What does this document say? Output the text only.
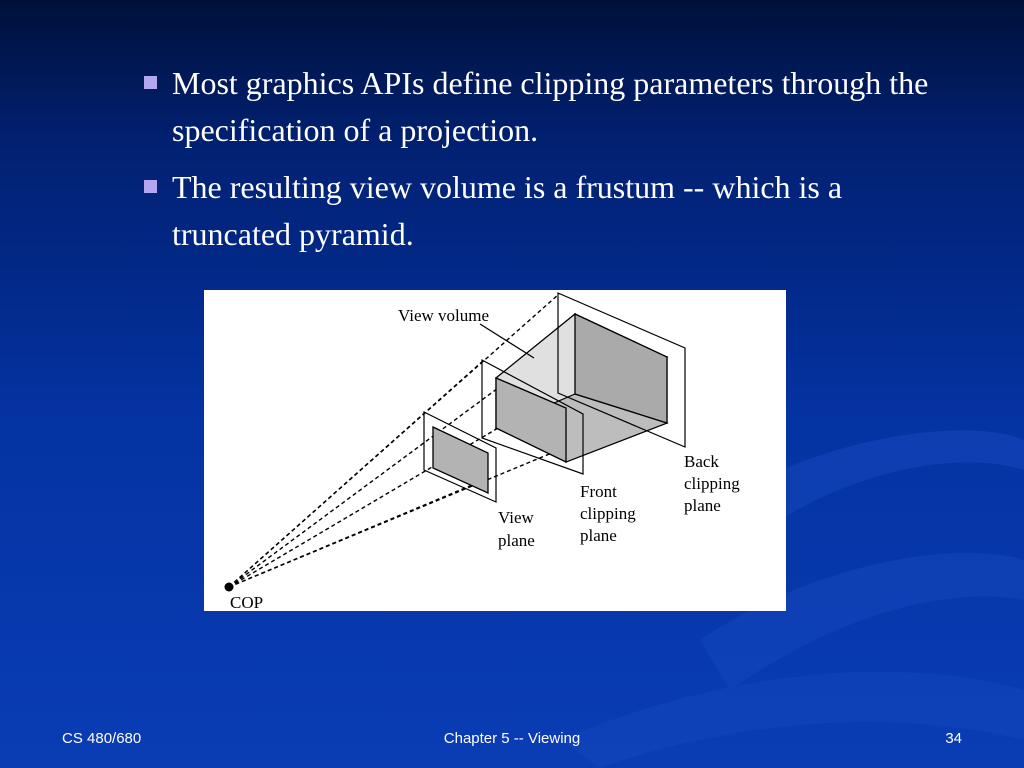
Most graphics APIs define clipping parameters through the specification of a projection.
The resulting view volume is a frustum -- which is a truncated pyramid.
View volume
Back
clipping
plane
Front
clipping
plane
View
plane
COP
CS 480/680	Chapter 5 -- Viewing	34
